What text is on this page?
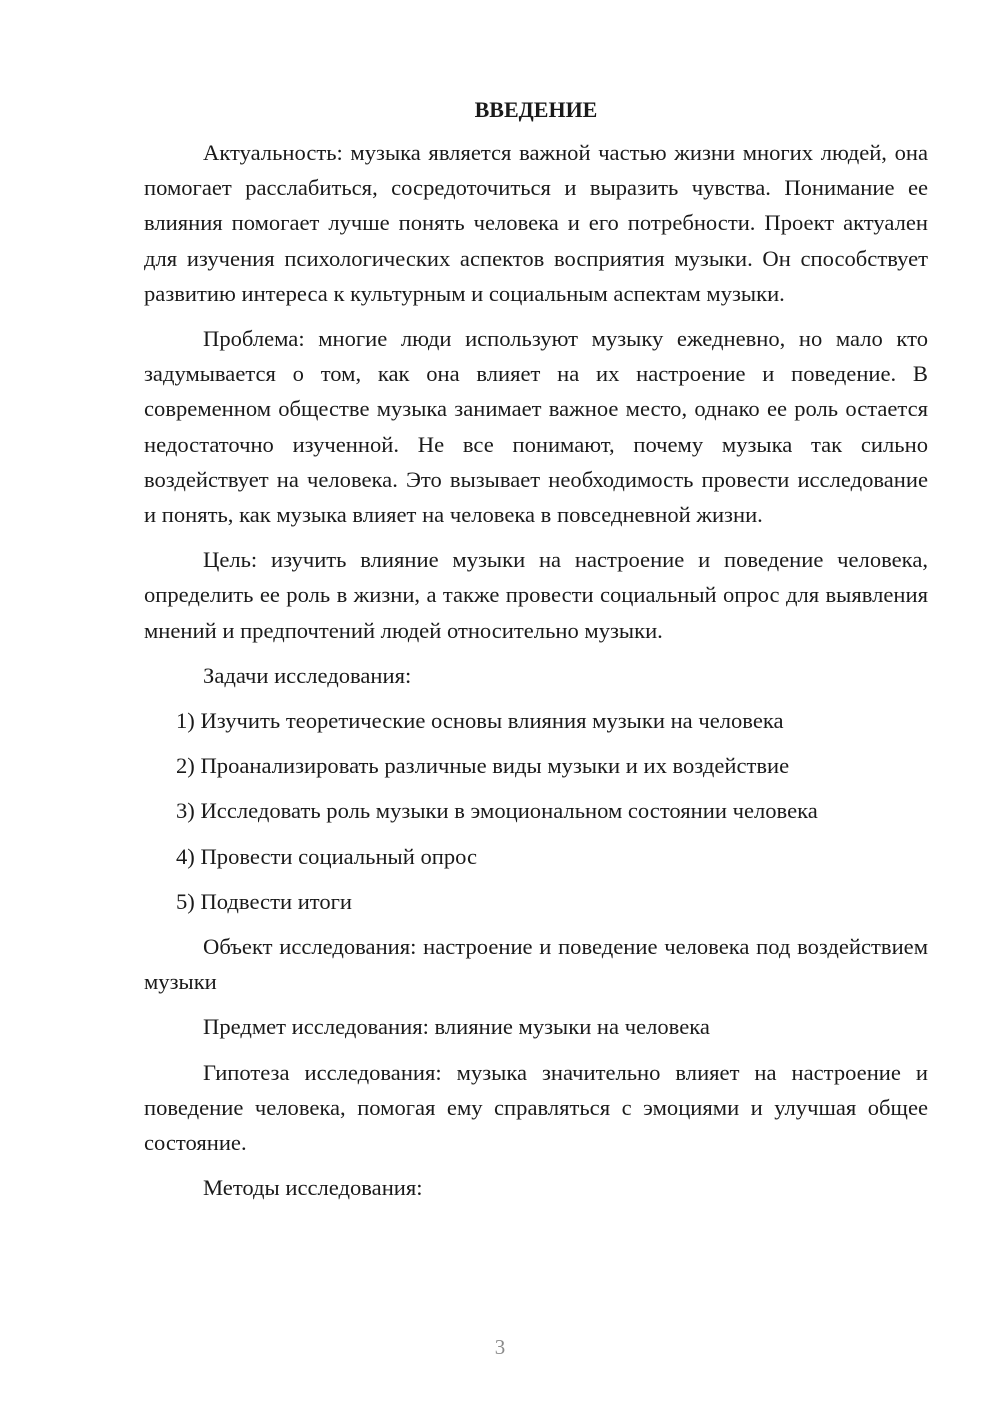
ВВЕДЕНИЕ

Актуальность: музыка является важной частью жизни многих людей, она помогает расслабиться, сосредоточиться и выразить чувства. Понимание ее влияния помогает лучше понять человека и его потребности. Проект актуален для изучения психологических аспектов восприятия музыки. Он способствует развитию интереса к культурным и социальным аспектам музыки.

Проблема: многие люди используют музыку ежедневно, но мало кто задумывается о том, как она влияет на их настроение и поведение. В современном обществе музыка занимает важное место, однако ее роль остается недостаточно изученной. Не все понимают, почему музыка так сильно воздействует на человека. Это вызывает необходимость провести исследование и понять, как музыка влияет на человека в повседневной жизни.

Цель: изучить влияние музыки на настроение и поведение человека, определить ее роль в жизни, а также провести социальный опрос для выявления мнений и предпочтений людей относительно музыки.

Задачи исследования:

1) Изучить теоретические основы влияния музыки на человека
2) Проанализировать различные виды музыки и их воздействие
3) Исследовать роль музыки в эмоциональном состоянии человека
4) Провести социальный опрос
5) Подвести итоги

Объект исследования: настроение и поведение человека под воздействием музыки

Предмет исследования: влияние музыки на человека

Гипотеза исследования: музыка значительно влияет на настроение и поведение человека, помогая ему справляться с эмоциями и улучшая общее состояние.

Методы исследования:

3
